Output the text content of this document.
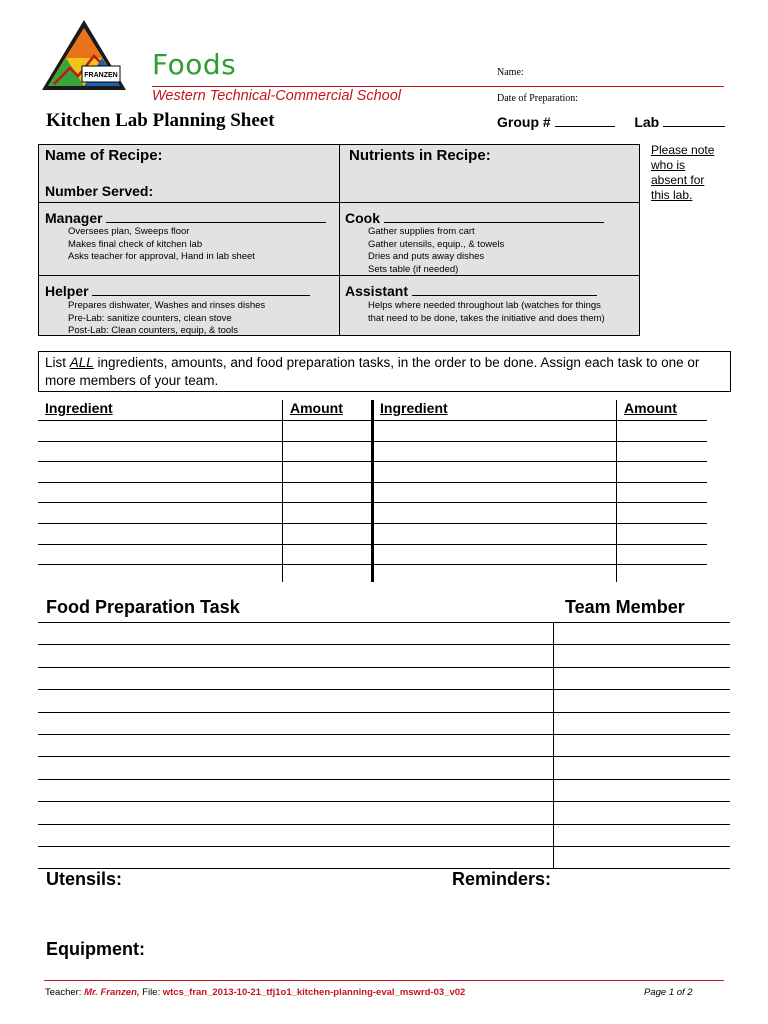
FRANZEN Foods
Western Technical-Commercial School
Name:
Date of Preparation:
Kitchen Lab Planning Sheet	Group #	Lab
Name of Recipe:
Number Served:
Nutrients in Recipe:
Manager
Oversees plan, Sweeps floor
Makes final check of kitchen lab
Asks teacher for approval, Hand in lab sheet
Cook
Gather supplies from cart
Gather utensils, equip., & towels
Dries and puts away dishes
Sets table (if needed)
Helper
Prepares dishwater, Washes and rinses dishes
Pre-Lab: sanitize counters, clean stove
Post-Lab: Clean counters, equip, & tools
Assistant
Helps where needed throughout lab (watches for things
that need to be done, takes the initiative and does them)
Please note
who is
absent for
this lab.
List ALL ingredients, amounts, and food preparation tasks, in the order to be done. Assign each task to one or more members of your team.
Ingredient	Amount	Ingredient	Amount
Food Preparation Task	Team Member
Utensils:	Reminders:
Equipment:
Teacher: Mr. Franzen, File: wtcs_fran_2013-10-21_tfj1o1_kitchen-planning-eval_mswrd-03_v02	Page 1 of 2
